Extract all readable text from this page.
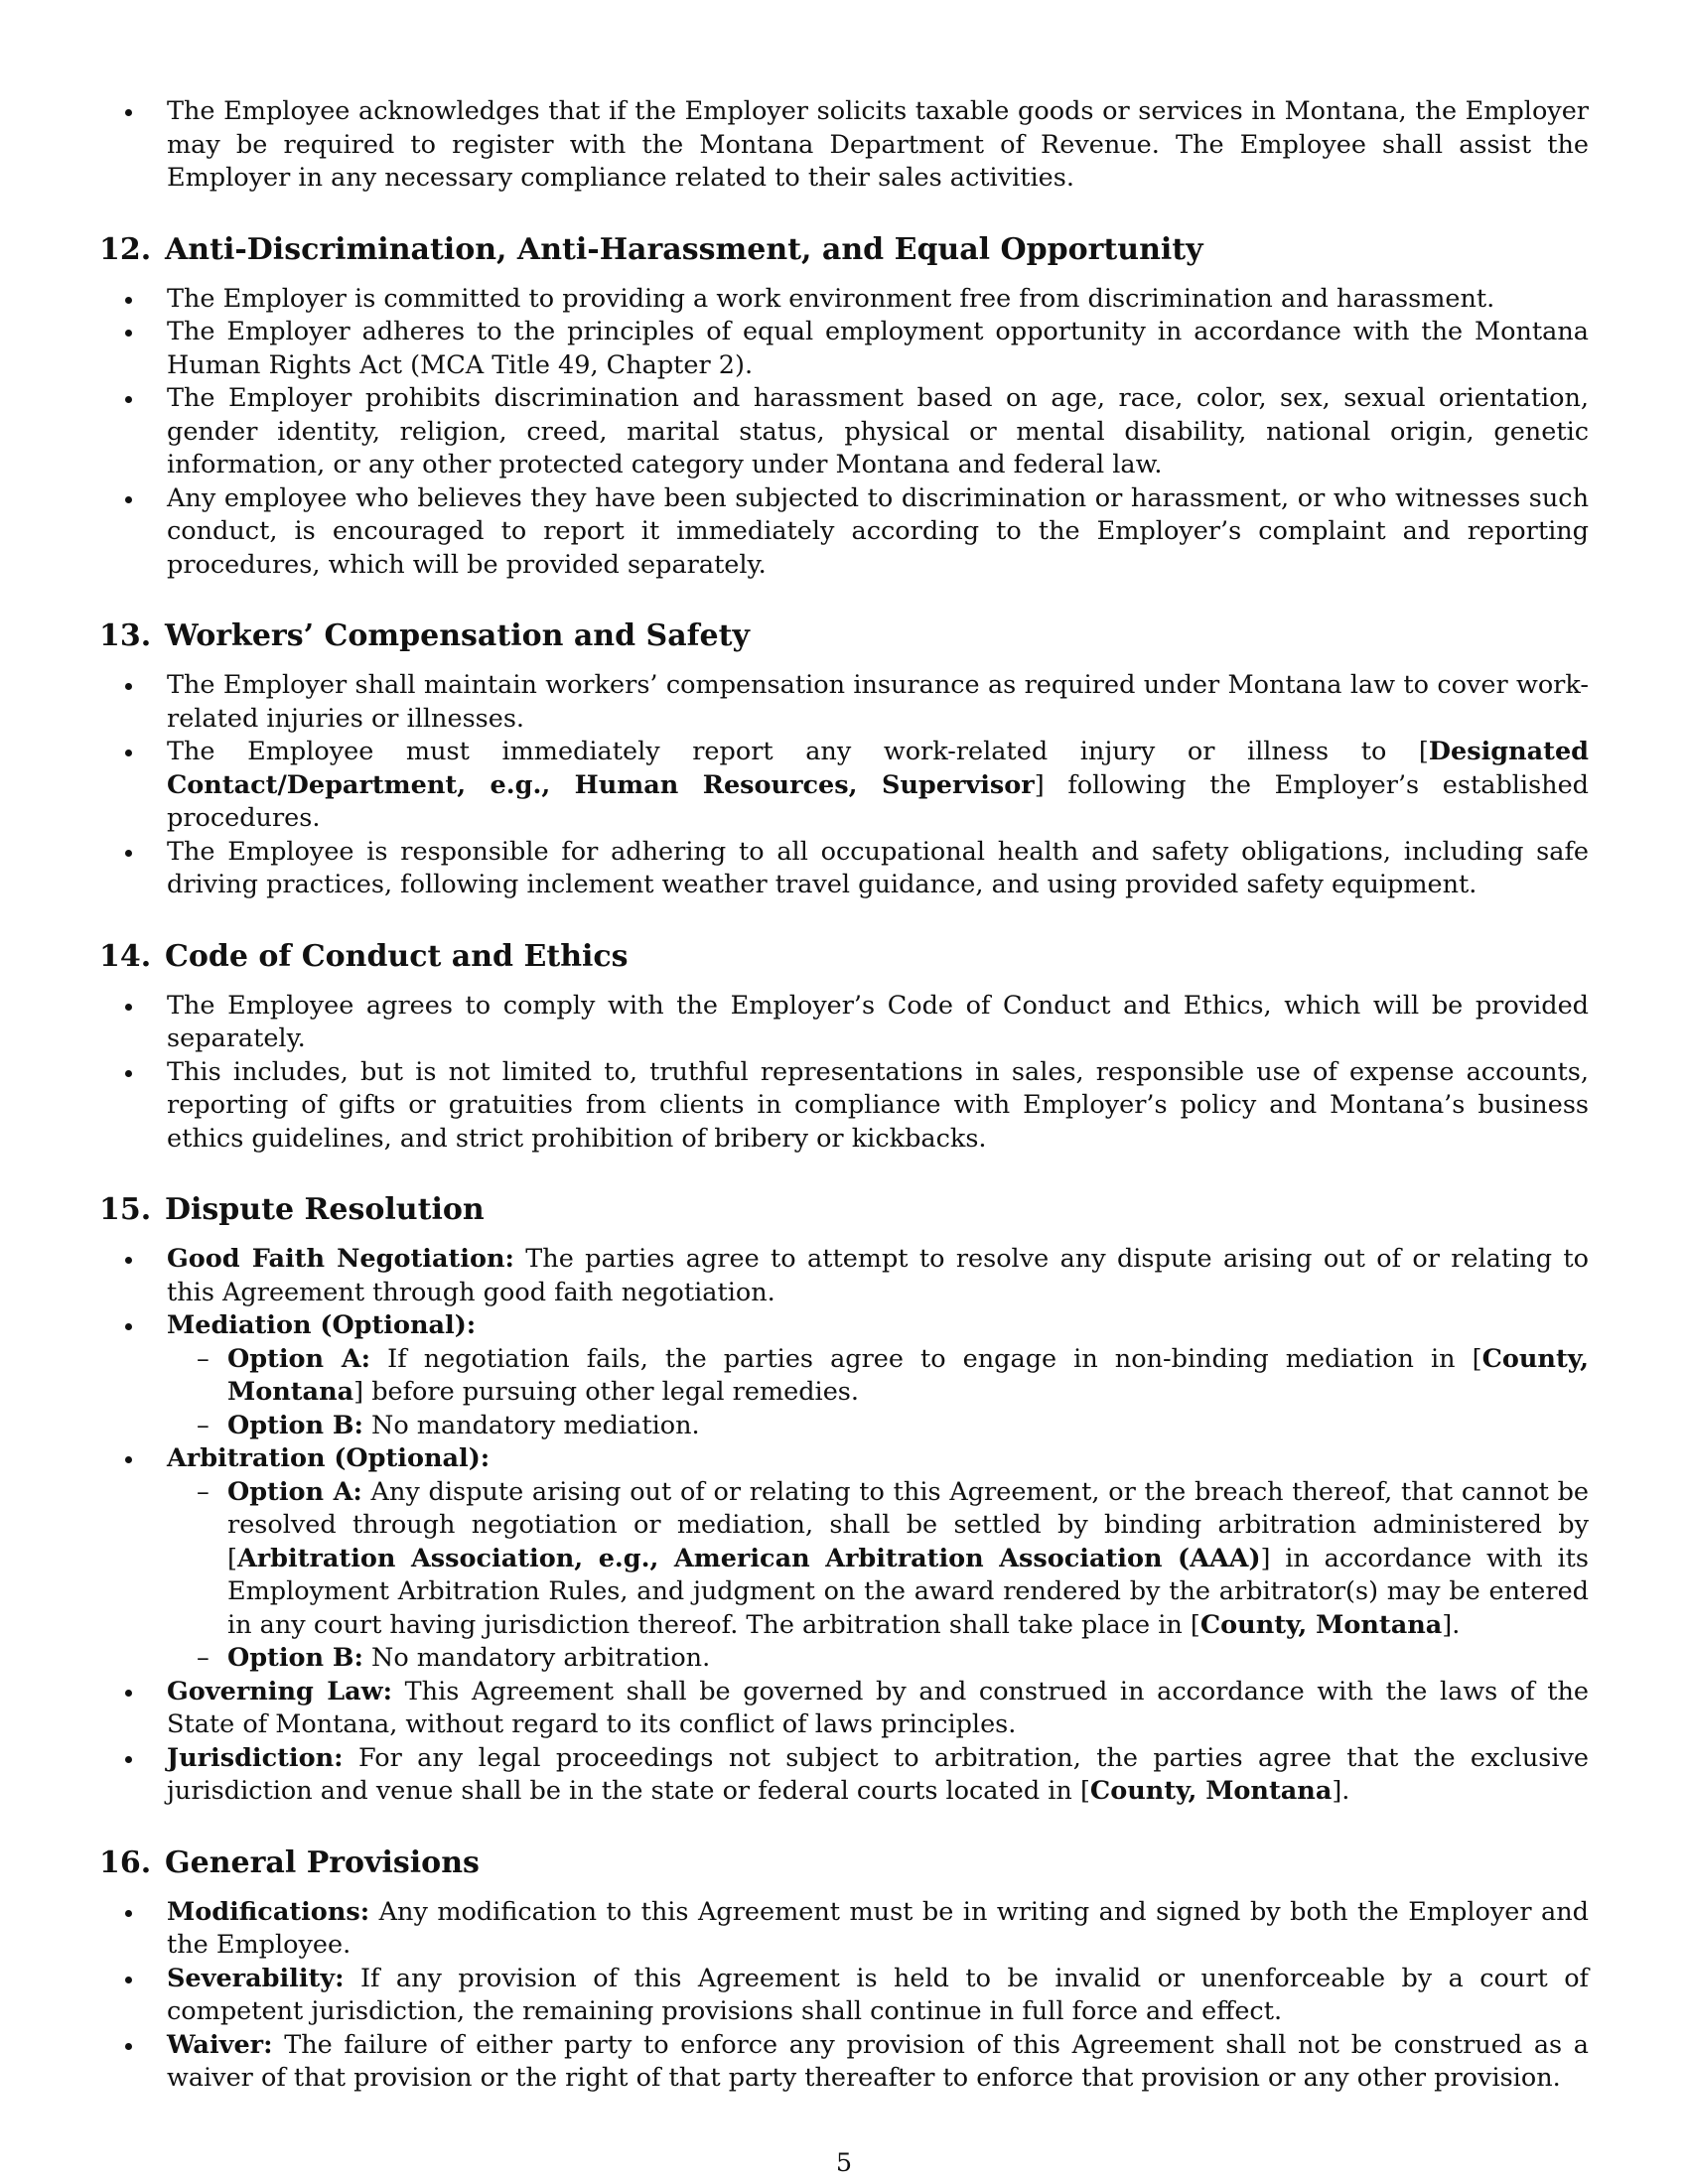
The Employee acknowledges that if the Employer solicits taxable goods or services in Montana, the Employer may be required to register with the Montana Department of Revenue. The Employee shall assist the Employer in any necessary compliance related to their sales activities.
12. Anti-Discrimination, Anti-Harassment, and Equal Opportunity
The Employer is committed to providing a work environment free from discrimination and harassment.
The Employer adheres to the principles of equal employment opportunity in accordance with the Montana Human Rights Act (MCA Title 49, Chapter 2).
The Employer prohibits discrimination and harassment based on age, race, color, sex, sexual orientation, gender identity, religion, creed, marital status, physical or mental disability, national origin, genetic information, or any other protected category under Montana and federal law.
Any employee who believes they have been subjected to discrimination or harassment, or who witnesses such conduct, is encouraged to report it immediately according to the Employer’s complaint and reporting procedures, which will be provided separately.
13. Workers’ Compensation and Safety
The Employer shall maintain workers’ compensation insurance as required under Montana law to cover work-related injuries or illnesses.
The Employee must immediately report any work-related injury or illness to [Designated Contact/Department, e.g., Human Resources, Supervisor] following the Employer’s established procedures.
The Employee is responsible for adhering to all occupational health and safety obligations, including safe driving practices, following inclement weather travel guidance, and using provided safety equipment.
14. Code of Conduct and Ethics
The Employee agrees to comply with the Employer’s Code of Conduct and Ethics, which will be provided separately.
This includes, but is not limited to, truthful representations in sales, responsible use of expense accounts, reporting of gifts or gratuities from clients in compliance with Employer’s policy and Montana’s business ethics guidelines, and strict prohibition of bribery or kickbacks.
15. Dispute Resolution
Good Faith Negotiation: The parties agree to attempt to resolve any dispute arising out of or relating to this Agreement through good faith negotiation.
Mediation (Optional):
– Option A: If negotiation fails, the parties agree to engage in non-binding mediation in [County, Montana] before pursuing other legal remedies.
– Option B: No mandatory mediation.
Arbitration (Optional):
– Option A: Any dispute arising out of or relating to this Agreement, or the breach thereof, that cannot be resolved through negotiation or mediation, shall be settled by binding arbitration administered by [Arbitration Association, e.g., American Arbitration Association (AAA)] in accordance with its Employment Arbitration Rules, and judgment on the award rendered by the arbitrator(s) may be entered in any court having jurisdiction thereof. The arbitration shall take place in [County, Montana].
– Option B: No mandatory arbitration.
Governing Law: This Agreement shall be governed by and construed in accordance with the laws of the State of Montana, without regard to its conflict of laws principles.
Jurisdiction: For any legal proceedings not subject to arbitration, the parties agree that the exclusive jurisdiction and venue shall be in the state or federal courts located in [County, Montana].
16. General Provisions
Modifications: Any modification to this Agreement must be in writing and signed by both the Employer and the Employee.
Severability: If any provision of this Agreement is held to be invalid or unenforceable by a court of competent jurisdiction, the remaining provisions shall continue in full force and effect.
Waiver: The failure of either party to enforce any provision of this Agreement shall not be construed as a waiver of that provision or the right of that party thereafter to enforce that provision or any other provision.
5
